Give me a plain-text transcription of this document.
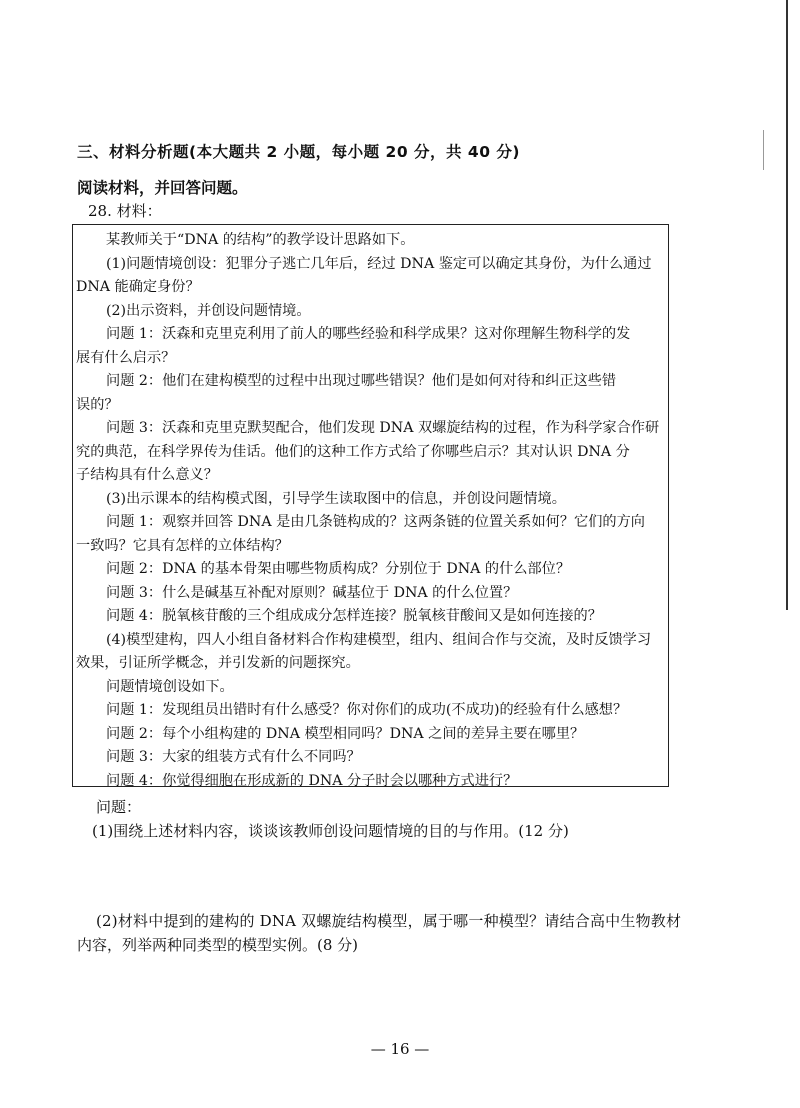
三、材料分析题(本大题共 2 小题，每小题 20 分，共 40 分)
阅读材料，并回答问题。
28. 材料：

某教师关于“DNA 的结构”的教学设计思路如下。

(1)问题情境创设：犯罪分子逃亡几年后，经过 DNA 鉴定可以确定其身份，为什么通过

DNA 能确定身份？

(2)出示资料，并创设问题情境。

问题 1：沃森和克里克利用了前人的哪些经验和科学成果？这对你理解生物科学的发

展有什么启示？

问题 2：他们在建构模型的过程中出现过哪些错误？他们是如何对待和纠正这些错

误的？

问题 3：沃森和克里克默契配合，他们发现 DNA 双螺旋结构的过程，作为科学家合作研

究的典范，在科学界传为佳话。他们的这种工作方式给了你哪些启示？其对认识 DNA 分

子结构具有什么意义？

(3)出示课本的结构模式图，引导学生读取图中的信息，并创设问题情境。

问题 1：观察并回答 DNA 是由几条链构成的？这两条链的位置关系如何？它们的方向

一致吗？它具有怎样的立体结构？

问题 2：DNA 的基本骨架由哪些物质构成？分别位于 DNA 的什么部位？

问题 3：什么是碱基互补配对原则？碱基位于 DNA 的什么位置？

问题 4：脱氧核苷酸的三个组成成分怎样连接？脱氧核苷酸间又是如何连接的？

(4)模型建构，四人小组自备材料合作构建模型，组内、组间合作与交流，及时反馈学习

效果，引证所学概念，并引发新的问题探究。

问题情境创设如下。

问题 1：发现组员出错时有什么感受？你对你们的成功(不成功)的经验有什么感想？

问题 2：每个小组构建的 DNA 模型相同吗？DNA 之间的差异主要在哪里？

问题 3：大家的组装方式有什么不同吗？

问题 4：你觉得细胞在形成新的 DNA 分子时会以哪种方式进行？

问题：
(1)围绕上述材料内容，谈谈该教师创设问题情境的目的与作用。(12 分)
(2)材料中提到的建构的 DNA 双螺旋结构模型，属于哪一种模型？请结合高中生物教材
内容，列举两种同类型的模型实例。(8 分)
— 16 —
